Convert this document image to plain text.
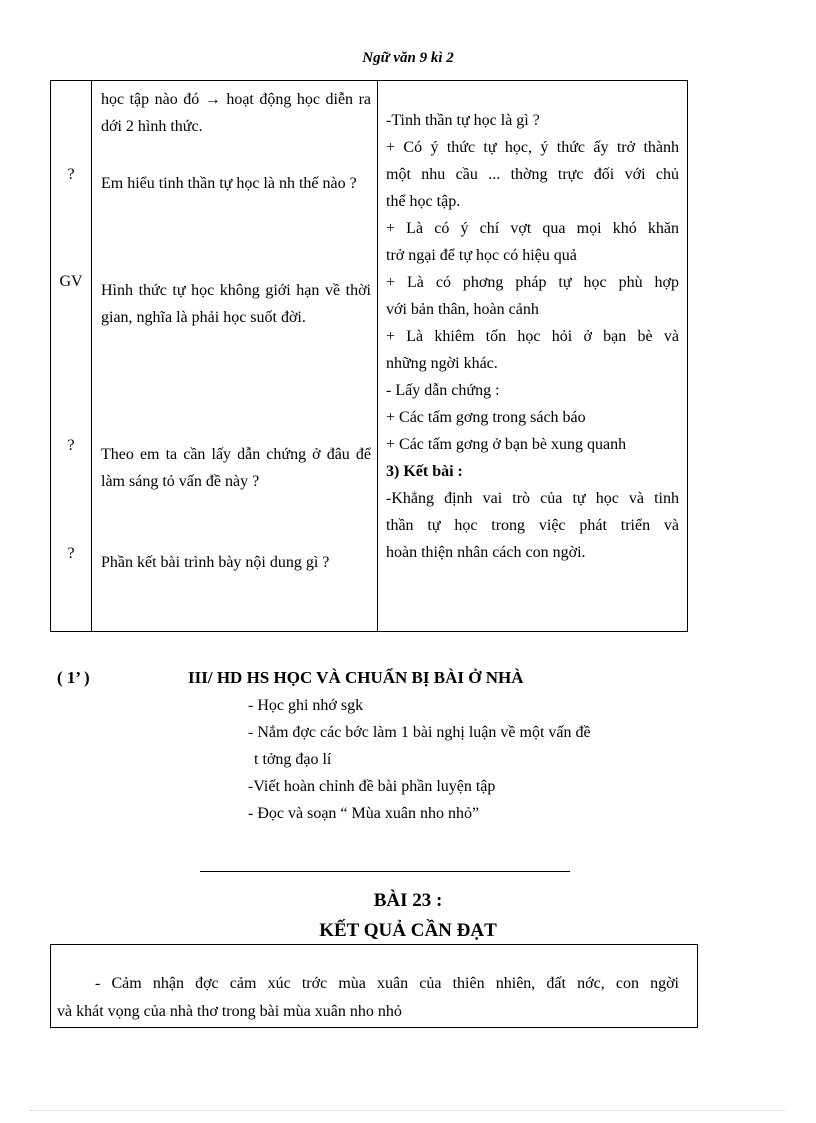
Ngữ văn 9 kì 2
?
GV
?
?
học tập nào đó → hoạt động học diễn ra dới 2 hình thức.
Em hiểu tinh thần tự học là nh thế nào ?
Hình thức tự học không giới hạn về thời gian, nghĩa là phải học suốt đời.
Theo em ta cần lấy dẫn chứng ở đâu để làm sáng tỏ vấn đề này ?
Phần kết bài trình bày nội dung gì ?
-Tinh thần tự học là gì ?
+ Có ý thức tự học, ý thức ấy trở thành
một nhu cầu ... thờng trực đối với chủ
thể học tập.
+ Là có ý chí vợt qua mọi khó khăn
trở ngại để tự học có hiệu quả
+ Là có phơng pháp tự học phù hợp
với bản thân, hoàn cảnh
+ Là khiêm tốn học hỏi ở bạn bè và
những ngời khác.
- Lấy dẫn chứng :
+ Các tấm gơng trong sách báo
+ Các tấm gơng ở bạn bè xung quanh
3) Kết bài :
-Khẳng định vai trò của tự học và tinh
thần tự học trong việc phát triển và
hoàn thiện nhân cách con ngời.
( 1’ )	III/ HD HS HỌC VÀ CHUẨN BỊ BÀI Ở NHÀ
- Học ghi nhớ sgk
- Nắm đợc các bớc làm 1 bài nghị luận về một vấn đề
t tởng đạo lí
-Viết hoàn chỉnh đề bài phần luyện tập
- Đọc và soạn “ Mùa xuân nho nhỏ”
BÀI 23 :
KẾT QUẢ CẦN ĐẠT
- Cảm nhận đợc cảm xúc trớc mùa xuân của thiên nhiên, đất nớc, con ngời
và khát vọng của nhà thơ trong bài mùa xuân nho nhỏ
